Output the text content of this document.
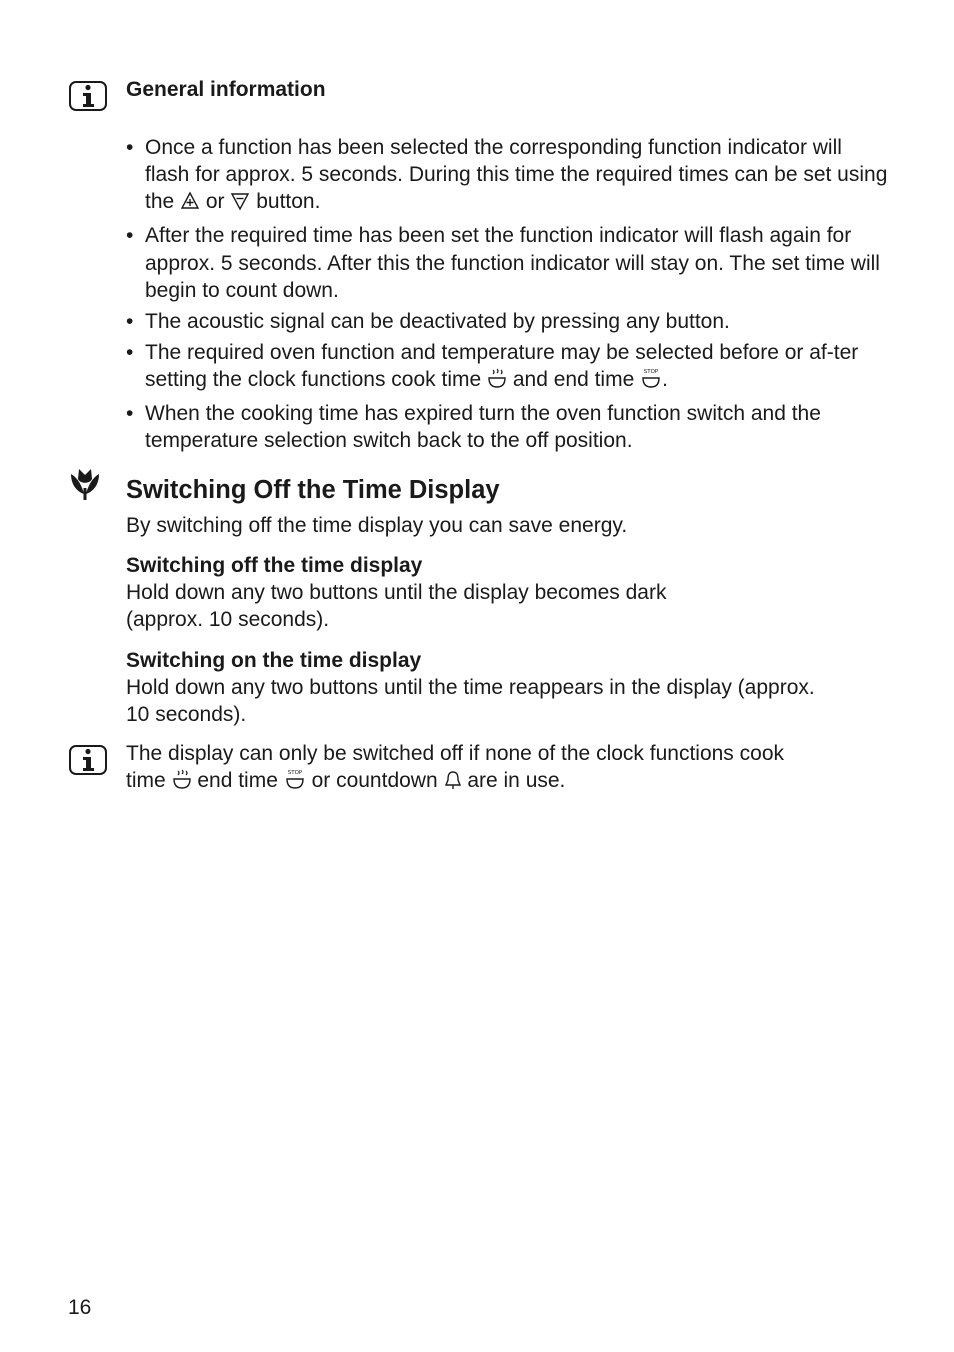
General information
• Once a function has been selected the corresponding function indicator will flash for approx. 5 seconds. During this time the required times can be set using the  or  button.
• After the required time has been set the function indicator will flash again for approx. 5 seconds. After this the function indicator will stay on. The set time will begin to count down.
• The acoustic signal can be deactivated by pressing any button.
• The required oven function and temperature may be selected before or af-ter setting the clock functions cook time  and end time STOP .
• When the cooking time has expired turn the oven function switch and the temperature selection switch back to the off position.
Switching Off the Time Display
By switching off the time display you can save energy.
Switching off the time display

Hold down any two buttons until the display becomes dark

(approx. 10 seconds).

Switching on the time display

Hold down any two buttons until the time reappears in the display (approx.

10 seconds).

The display can only be switched off if none of the clock functions cook

time  end time STOP or countdown  are in use.

16
